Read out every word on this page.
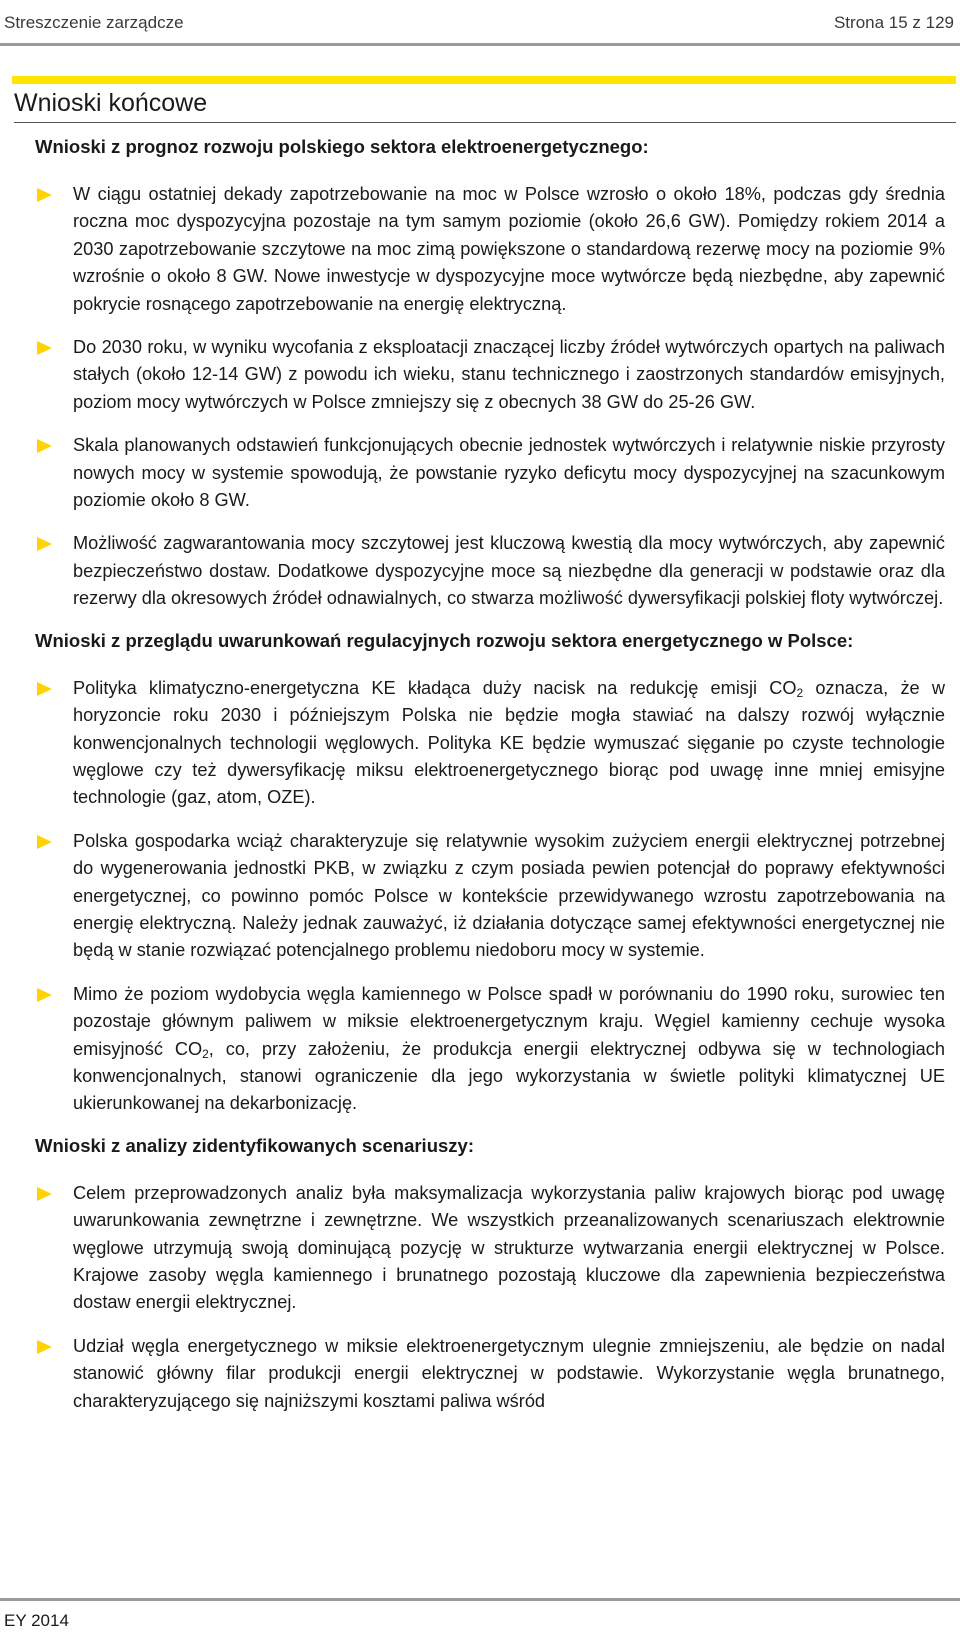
Streszczenie zarządcze	Strona 15 z 129
Wnioski końcowe

Wnioski z prognoz rozwoju polskiego sektora elektroenergetycznego:

W ciągu ostatniej dekady zapotrzebowanie na moc w Polsce wzrosło o około 18%, podczas gdy średnia roczna moc dyspozycyjna pozostaje na tym samym poziomie (około 26,6 GW). Pomiędzy rokiem 2014 a 2030 zapotrzebowanie szczytowe na moc zimą powiększone o standardową rezerwę mocy na poziomie 9% wzrośnie o około 8 GW. Nowe inwestycje w dyspozycyjne moce wytwórcze będą niezbędne, aby zapewnić pokrycie rosnącego zapotrzebowanie na energię elektryczną.
Do 2030 roku, w wyniku wycofania z eksploatacji znaczącej liczby źródeł wytwórczych opartych na paliwach stałych (około 12-14 GW) z powodu ich wieku, stanu technicznego i zaostrzonych standardów emisyjnych, poziom mocy wytwórczych w Polsce zmniejszy się z obecnych 38 GW do 25-26 GW.
Skala planowanych odstawień funkcjonujących obecnie jednostek wytwórczych i relatywnie niskie przyrosty nowych mocy w systemie spowodują, że powstanie ryzyko deficytu mocy dyspozycyjnej na szacunkowym poziomie około 8 GW.
Możliwość zagwarantowania mocy szczytowej jest kluczową kwestią dla mocy wytwórczych, aby zapewnić bezpieczeństwo dostaw. Dodatkowe dyspozycyjne moce są niezbędne dla generacji w podstawie oraz dla rezerwy dla okresowych źródeł odnawialnych, co stwarza możliwość dywersyfikacji polskiej floty wytwórczej.

Wnioski z przeglądu uwarunkowań regulacyjnych rozwoju sektora energetycznego w Polsce:

Polityka klimatyczno-energetyczna KE kładąca duży nacisk na redukcję emisji $CO_2$ oznacza, że w horyzoncie roku 2030 i późniejszym Polska nie będzie mogła stawiać na dalszy rozwój wyłącznie konwencjonalnych technologii węglowych. Polityka KE będzie wymuszać sięganie po czyste technologie węglowe czy też dywersyfikację miksu elektroenergetycznego biorąc pod uwagę inne mniej emisyjne technologie (gaz, atom, OZE).
Polska gospodarka wciąż charakteryzuje się relatywnie wysokim zużyciem energii elektrycznej potrzebnej do wygenerowania jednostki PKB, w związku z czym posiada pewien potencjał do poprawy efektywności energetycznej, co powinno pomóc Polsce w kontekście przewidywanego wzrostu zapotrzebowania na energię elektryczną. Należy jednak zauważyć, iż działania dotyczące samej efektywności energetycznej nie będą w stanie rozwiązać potencjalnego problemu niedoboru mocy w systemie.
Mimo że poziom wydobycia węgla kamiennego w Polsce spadł w porównaniu do 1990 roku, surowiec ten pozostaje głównym paliwem w miksie elektroenergetycznym kraju. Węgiel kamienny cechuje wysoka emisyjność $CO_2$, co, przy założeniu, że produkcja energii elektrycznej odbywa się w technologiach konwencjonalnych, stanowi ograniczenie dla jego wykorzystania w świetle polityki klimatycznej UE ukierunkowanej na dekarbonizację.

Wnioski z analizy zidentyfikowanych scenariuszy:

Celem przeprowadzonych analiz była maksymalizacja wykorzystania paliw krajowych biorąc pod uwagę uwarunkowania zewnętrzne i zewnętrzne. We wszystkich przeanalizowanych scenariuszach elektrownie węglowe utrzymują swoją dominującą pozycję w strukturze wytwarzania energii elektrycznej w Polsce. Krajowe zasoby węgla kamiennego i brunatnego pozostają kluczowe dla zapewnienia bezpieczeństwa dostaw energii elektrycznej.
Udział węgla energetycznego w miksie elektroenergetycznym ulegnie zmniejszeniu, ale będzie on nadal stanowić główny filar produkcji energii elektrycznej w podstawie. Wykorzystanie węgla brunatnego, charakteryzującego się najniższymi kosztami paliwa wśród
EY 2014
